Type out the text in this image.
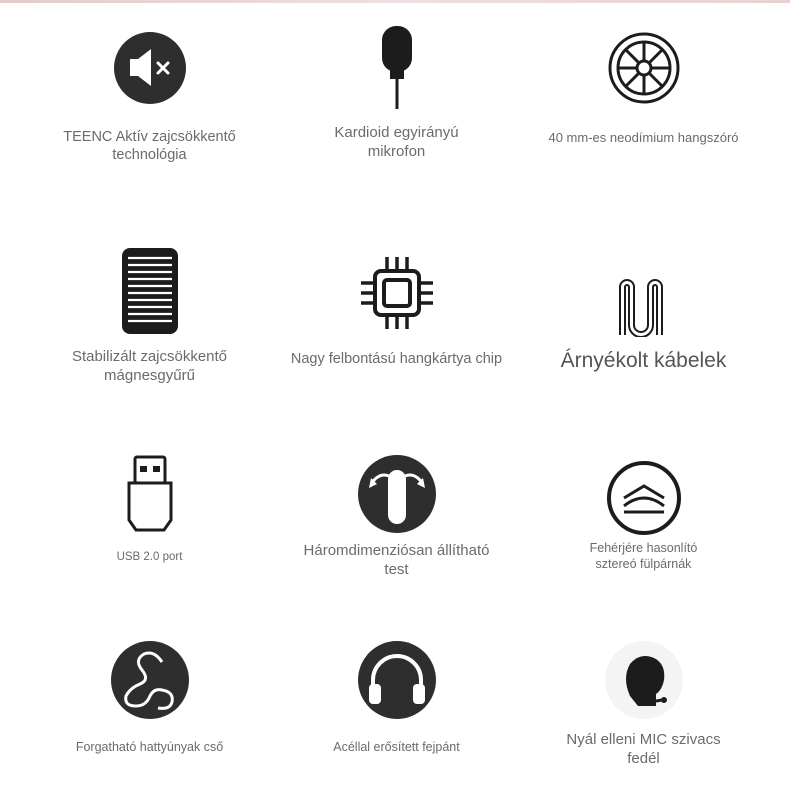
TEENC Aktív zajcsökkentő
technológia
Kardioid egyirányú
mikrofon
40 mm-es neodímium hangszóró
Stabilizált zajcsökkentő
mágnesgyűrű
Nagy felbontású hangkártya chip	Árnyékolt kábelek
USB 2.0 port	Háromdimenziósan állítható
test
Fehérjére hasonlító
sztereó fülpárnák
Forgatható hattyúnyak cső	Acéllal erősített fejpánt	Nyál elleni MIC szivacs
fedél
